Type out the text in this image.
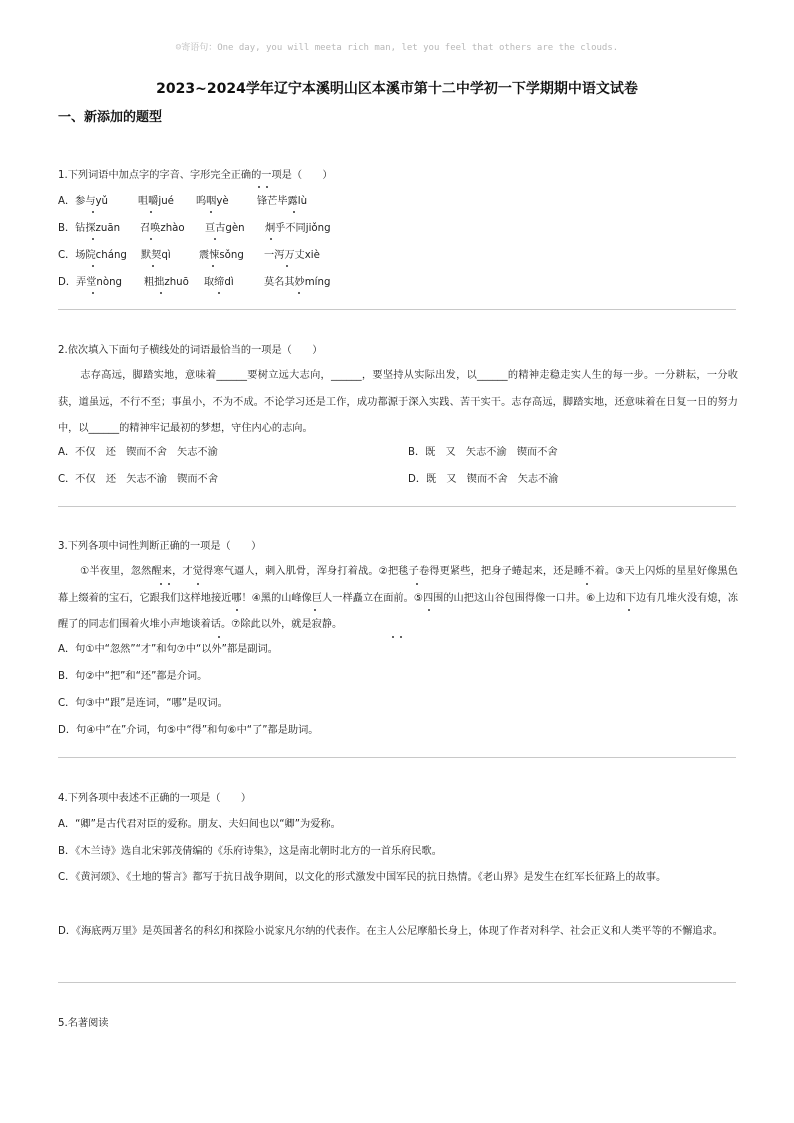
☺寄语句：One day, you will meeta rich man, let you feel that others are the clouds.
2023~2024学年辽宁本溪明山区本溪市第十二中学初一下学期期中语文试卷
一、新添加的题型
1.下列词语中加点字的字音、字形完全正确的一项是（　　）
A．参与yǔ	咀嚼jué 呜咽yè	锋芒毕露lù
B．钻探zuān 召唤zhào 亘古gèn 炯乎不同jiǒng
C．场院cháng 默契qì	震悚sǒng 一泻万丈xiè
D．弄堂nòng 粗拙zhuō 取缔dì	莫名其妙míng
2.依次填入下面句子横线处的词语最恰当的一项是（　　）
志存高远，脚踏实地，意味着______要树立远大志向，______，要坚持从实际出发，以______的精神走稳走实人生的每一步。一分耕耘，一分收获，道虽远，不行不至；事虽小，不为不成。不论学习还是工作，成功都源于深入实践、苦干实干。志存高远，脚踏实地，还意味着在日复一日的努力中，以______的精神牢记最初的梦想，守住内心的志向。
A．不仅　还　锲而不舍　矢志不渝	B．既　又　矢志不渝　锲而不舍
C．不仅　还　矢志不渝　锲而不舍	D．既　又　锲而不舍　矢志不渝
3.下列各项中词性判断正确的一项是（　　）
①半夜里，忽然醒来，才觉得寒气逼人，刺入肌骨，浑身打着战。②把毯子卷得更紧些，把身子蜷起来，还是睡不着。③天上闪烁的星星好像黑色幕上缀着的宝石，它跟我们这样地接近哪！④黑的山峰像巨人一样矗立在面前。⑤四围的山把这山谷包围得像一口井。⑥上边和下边有几堆火没有熄，冻醒了的同志们围着火堆小声地谈着话。⑦除此以外，就是寂静。
A．句①中“忽然”“才”和句⑦中“以外”都是副词。
B．句②中“把”和“还”都是介词。
C．句③中“跟”是连词，“哪”是叹词。
D．句④中“在”介词，句⑤中“得”和句⑥中“了”都是助词。
4.下列各项中表述不正确的一项是（　　）
A．“卿”是古代君对臣的爱称。朋友、夫妇间也以“卿”为爱称。
B．《木兰诗》选自北宋郭茂倩编的《乐府诗集》，这是南北朝时北方的一首乐府民歌。
C．《黄河颂》、《土地的誓言》都写于抗日战争期间，以文化的形式激发中国军民的抗日热情。《老山界》是发生在红军长征路上的故事。
D．《海底两万里》是英国著名的科幻和探险小说家凡尔纳的代表作。在主人公尼摩船长身上，体现了作者对科学、社会正义和人类平等的不懈追求。
5.名著阅读
